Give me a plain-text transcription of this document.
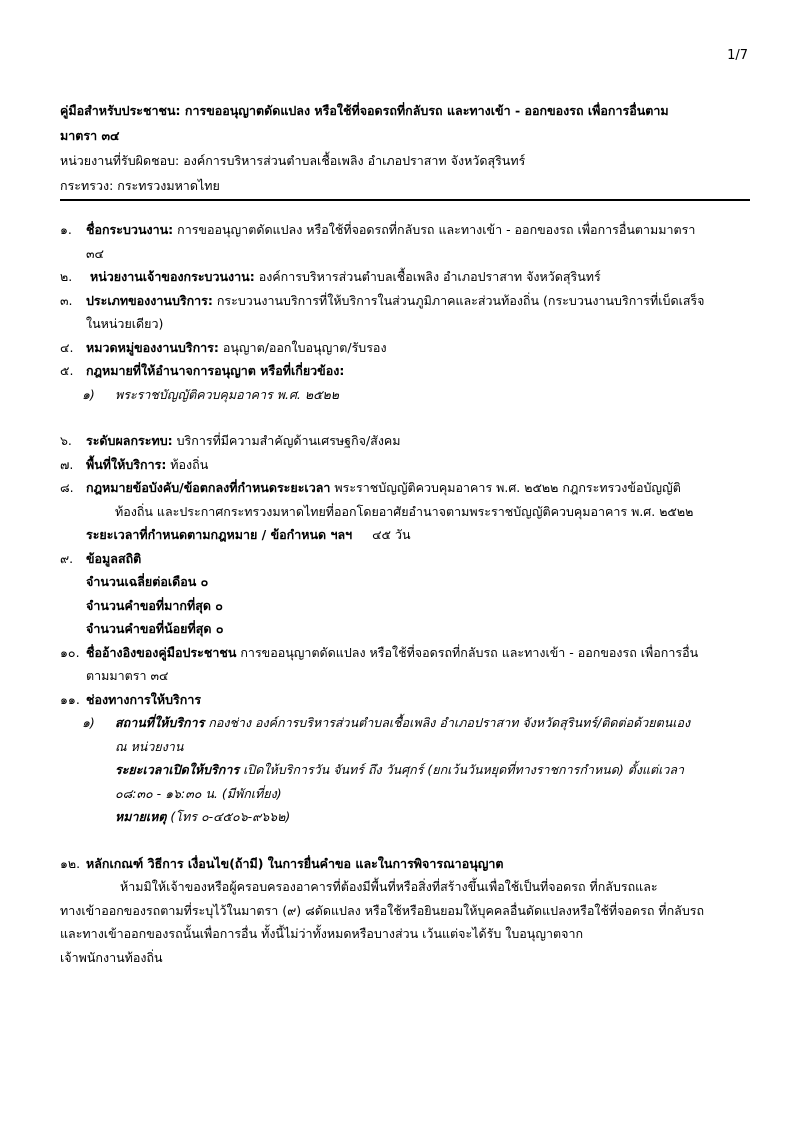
1/7
คู่มือสำหรับประชาชน: การขออนุญาตดัดแปลง หรือใช้ที่จอดรถที่กลับรถ และทางเข้า - ออกของรถ เพื่อการอื่นตาม
มาตรา ๓๔
หน่วยงานที่รับผิดชอบ: องค์การบริหารส่วนตำบลเชื้อเพลิง อำเภอปราสาท จังหวัดสุรินทร์
กระทรวง: กระทรวงมหาดไทย
๑.	ชื่อกระบวนงาน: การขออนุญาตดัดแปลง หรือใช้ที่จอดรถที่กลับรถ และทางเข้า - ออกของรถ เพื่อการอื่นตามมาตรา
๓๔
๒.	หน่วยงานเจ้าของกระบวนงาน: องค์การบริหารส่วนตำบลเชื้อเพลิง อำเภอปราสาท จังหวัดสุรินทร์
๓.	ประเภทของงานบริการ: กระบวนงานบริการที่ให้บริการในส่วนภูมิภาคและส่วนท้องถิ่น (กระบวนงานบริการที่เบ็ดเสร็จ
ในหน่วยเดียว)
๔.	หมวดหมู่ของงานบริการ: อนุญาต/ออกใบอนุญาต/รับรอง
๕.	กฎหมายที่ให้อำนาจการอนุญาต หรือที่เกี่ยวข้อง:
๑)	พระราชบัญญัติควบคุมอาคาร พ.ศ. ๒๕๒๒
๖.	ระดับผลกระทบ: บริการที่มีความสำคัญด้านเศรษฐกิจ/สังคม
๗.	พื้นที่ให้บริการ: ท้องถิ่น
๘. กฎหมายข้อบังคับ/ข้อตกลงที่กำหนดระยะเวลา พระราชบัญญัติควบคุมอาคาร พ.ศ. ๒๕๒๒ กฎกระทรวงข้อบัญญัติ
ท้องถิ่น และประกาศกระทรวงมหาดไทยที่ออกโดยอาศัยอำนาจตามพระราชบัญญัติควบคุมอาคาร พ.ศ. ๒๕๒๒
ระยะเวลาที่กำหนดตามกฎหมาย / ข้อกำหนด ฯลฯ ๔๕ วัน
๙.	ข้อมูลสถิติ
จำนวนเฉลี่ยต่อเดือน ๐
จำนวนคำขอที่มากที่สุด ๐
จำนวนคำขอที่น้อยที่สุด ๐
๑๐. ชื่ออ้างอิงของคู่มือประชาชน การขออนุญาตดัดแปลง หรือใช้ที่จอดรถที่กลับรถ และทางเข้า - ออกของรถ เพื่อการอื่น
ตามมาตรา ๓๔
๑๑. ช่องทางการให้บริการ
๑)	สถานที่ให้บริการ กองช่าง องค์การบริหารส่วนตำบลเชื้อเพลิง อำเภอปราสาท จังหวัดสุรินทร์/ติดต่อด้วยตนเอง
ณ หน่วยงาน
ระยะเวลาเปิดให้บริการ เปิดให้บริการวัน จันทร์ ถึง วันศุกร์ (ยกเว้นวันหยุดที่ทางราชการกำหนด) ตั้งแต่เวลา
๐๘:๓๐ - ๑๖:๓๐ น. (มีพักเที่ยง)
หมายเหตุ (โทร ๐-๔๕๐๖-๙๖๖๒)
๑๒. หลักเกณฑ์ วิธีการ เงื่อนไข(ถ้ามี) ในการยื่นคำขอ และในการพิจารณาอนุญาต
ห้ามมิให้เจ้าของหรือผู้ครอบครองอาคารที่ต้องมีพื้นที่หรือสิ่งที่สร้างขึ้นเพื่อใช้เป็นที่จอดรถ ที่กลับรถและ
ทางเข้าออกของรถตามที่ระบุไว้ในมาตรา (๙) ๘ดัดแปลง หรือใช้หรือยินยอมให้บุคคลอื่นดัดแปลงหรือใช้ที่จอดรถ ที่กลับรถ
และทางเข้าออกของรถนั้นเพื่อการอื่น ทั้งนี้ไม่ว่าทั้งหมดหรือบางส่วน เว้นแต่จะได้รับ ใบอนุญาตจาก
เจ้าพนักงานท้องถิ่น
